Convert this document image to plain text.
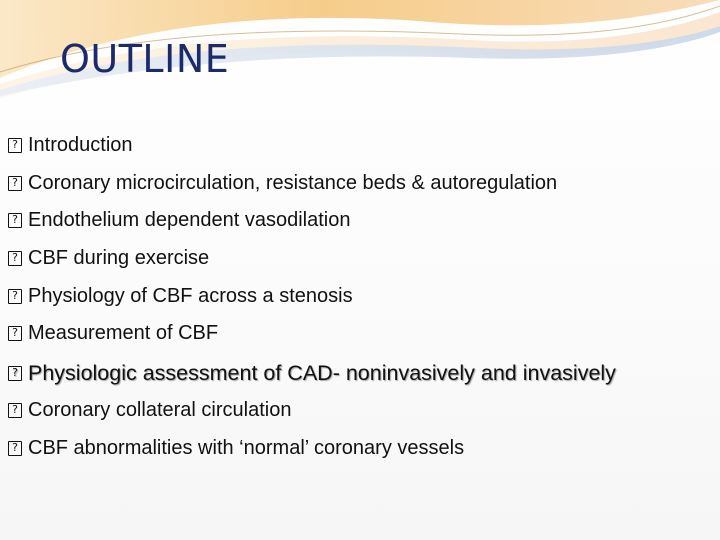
OUTLINE
?
Introduction
?
Coronary microcirculation, resistance beds & autoregulation
?
Endothelium dependent vasodilation
?
CBF during exercise
?
Physiology of CBF across a stenosis
?
Measurement of CBF
?
Physiologic assessment of CAD- noninvasively and invasively
?
Coronary collateral circulation
?
CBF abnormalities with ‘normal’ coronary vessels
